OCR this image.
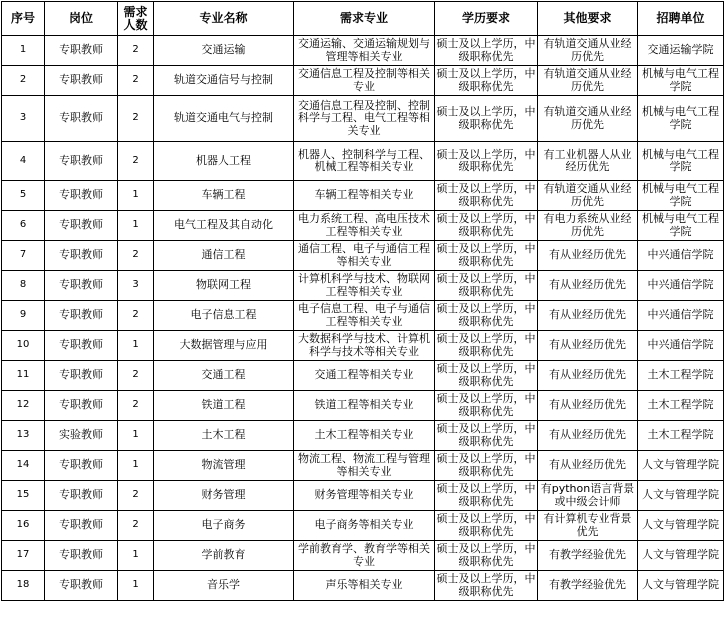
序号	岗位	需求人数	专业名称	需求专业	学历要求	其他要求	招聘单位
1	专职教师	2	交通运输	交通运输、交通运输规划与管理等相关专业	硕士及以上学历，中级职称优先	有轨道交通从业经历优先	交通运输学院
2	专职教师	2	轨道交通信号与控制	交通信息工程及控制等相关专业	硕士及以上学历，中级职称优先	有轨道交通从业经历优先	机械与电气工程学院
3	专职教师	2	轨道交通电气与控制	交通信息工程及控制、控制科学与工程、电气工程等相关专业	硕士及以上学历，中级职称优先	有轨道交通从业经历优先	机械与电气工程学院
4	专职教师	2	机器人工程	机器人、控制科学与工程、机械工程等相关专业	硕士及以上学历，中级职称优先	有工业机器人从业经历优先	机械与电气工程学院
5	专职教师	1	车辆工程	车辆工程等相关专业	硕士及以上学历，中级职称优先	有轨道交通从业经历优先	机械与电气工程学院
6	专职教师	1	电气工程及其自动化	电力系统工程、高电压技术工程等相关专业	硕士及以上学历，中级职称优先	有电力系统从业经历优先	机械与电气工程学院
7	专职教师	2	通信工程	通信工程、电子与通信工程等相关专业	硕士及以上学历，中级职称优先	有从业经历优先	中兴通信学院
8	专职教师	3	物联网工程	计算机科学与技术、物联网工程等相关专业	硕士及以上学历，中级职称优先	有从业经历优先	中兴通信学院
9	专职教师	2	电子信息工程	电子信息工程、电子与通信工程等相关专业	硕士及以上学历，中级职称优先	有从业经历优先	中兴通信学院
10	专职教师	1	大数据管理与应用	大数据科学与技术、计算机科学与技术等相关专业	硕士及以上学历，中级职称优先	有从业经历优先	中兴通信学院
11	专职教师	2	交通工程	交通工程等相关专业	硕士及以上学历，中级职称优先	有从业经历优先	土木工程学院
12	专职教师	2	铁道工程	铁道工程等相关专业	硕士及以上学历，中级职称优先	有从业经历优先	土木工程学院
13	实验教师	1	土木工程	土木工程等相关专业	硕士及以上学历，中级职称优先	有从业经历优先	土木工程学院
14	专职教师	1	物流管理	物流工程、物流工程与管理等相关专业	硕士及以上学历，中级职称优先	有从业经历优先	人文与管理学院
15	专职教师	2	财务管理	财务管理等相关专业	硕士及以上学历，中级职称优先	有python语言背景或中级会计师	人文与管理学院
16	专职教师	2	电子商务	电子商务等相关专业	硕士及以上学历，中级职称优先	有计算机专业背景优先	人文与管理学院
17	专职教师	1	学前教育	学前教育学、教育学等相关专业	硕士及以上学历，中级职称优先	有教学经验优先	人文与管理学院
18	专职教师	1	音乐学	声乐等相关专业	硕士及以上学历，中级职称优先	有教学经验优先	人文与管理学院
